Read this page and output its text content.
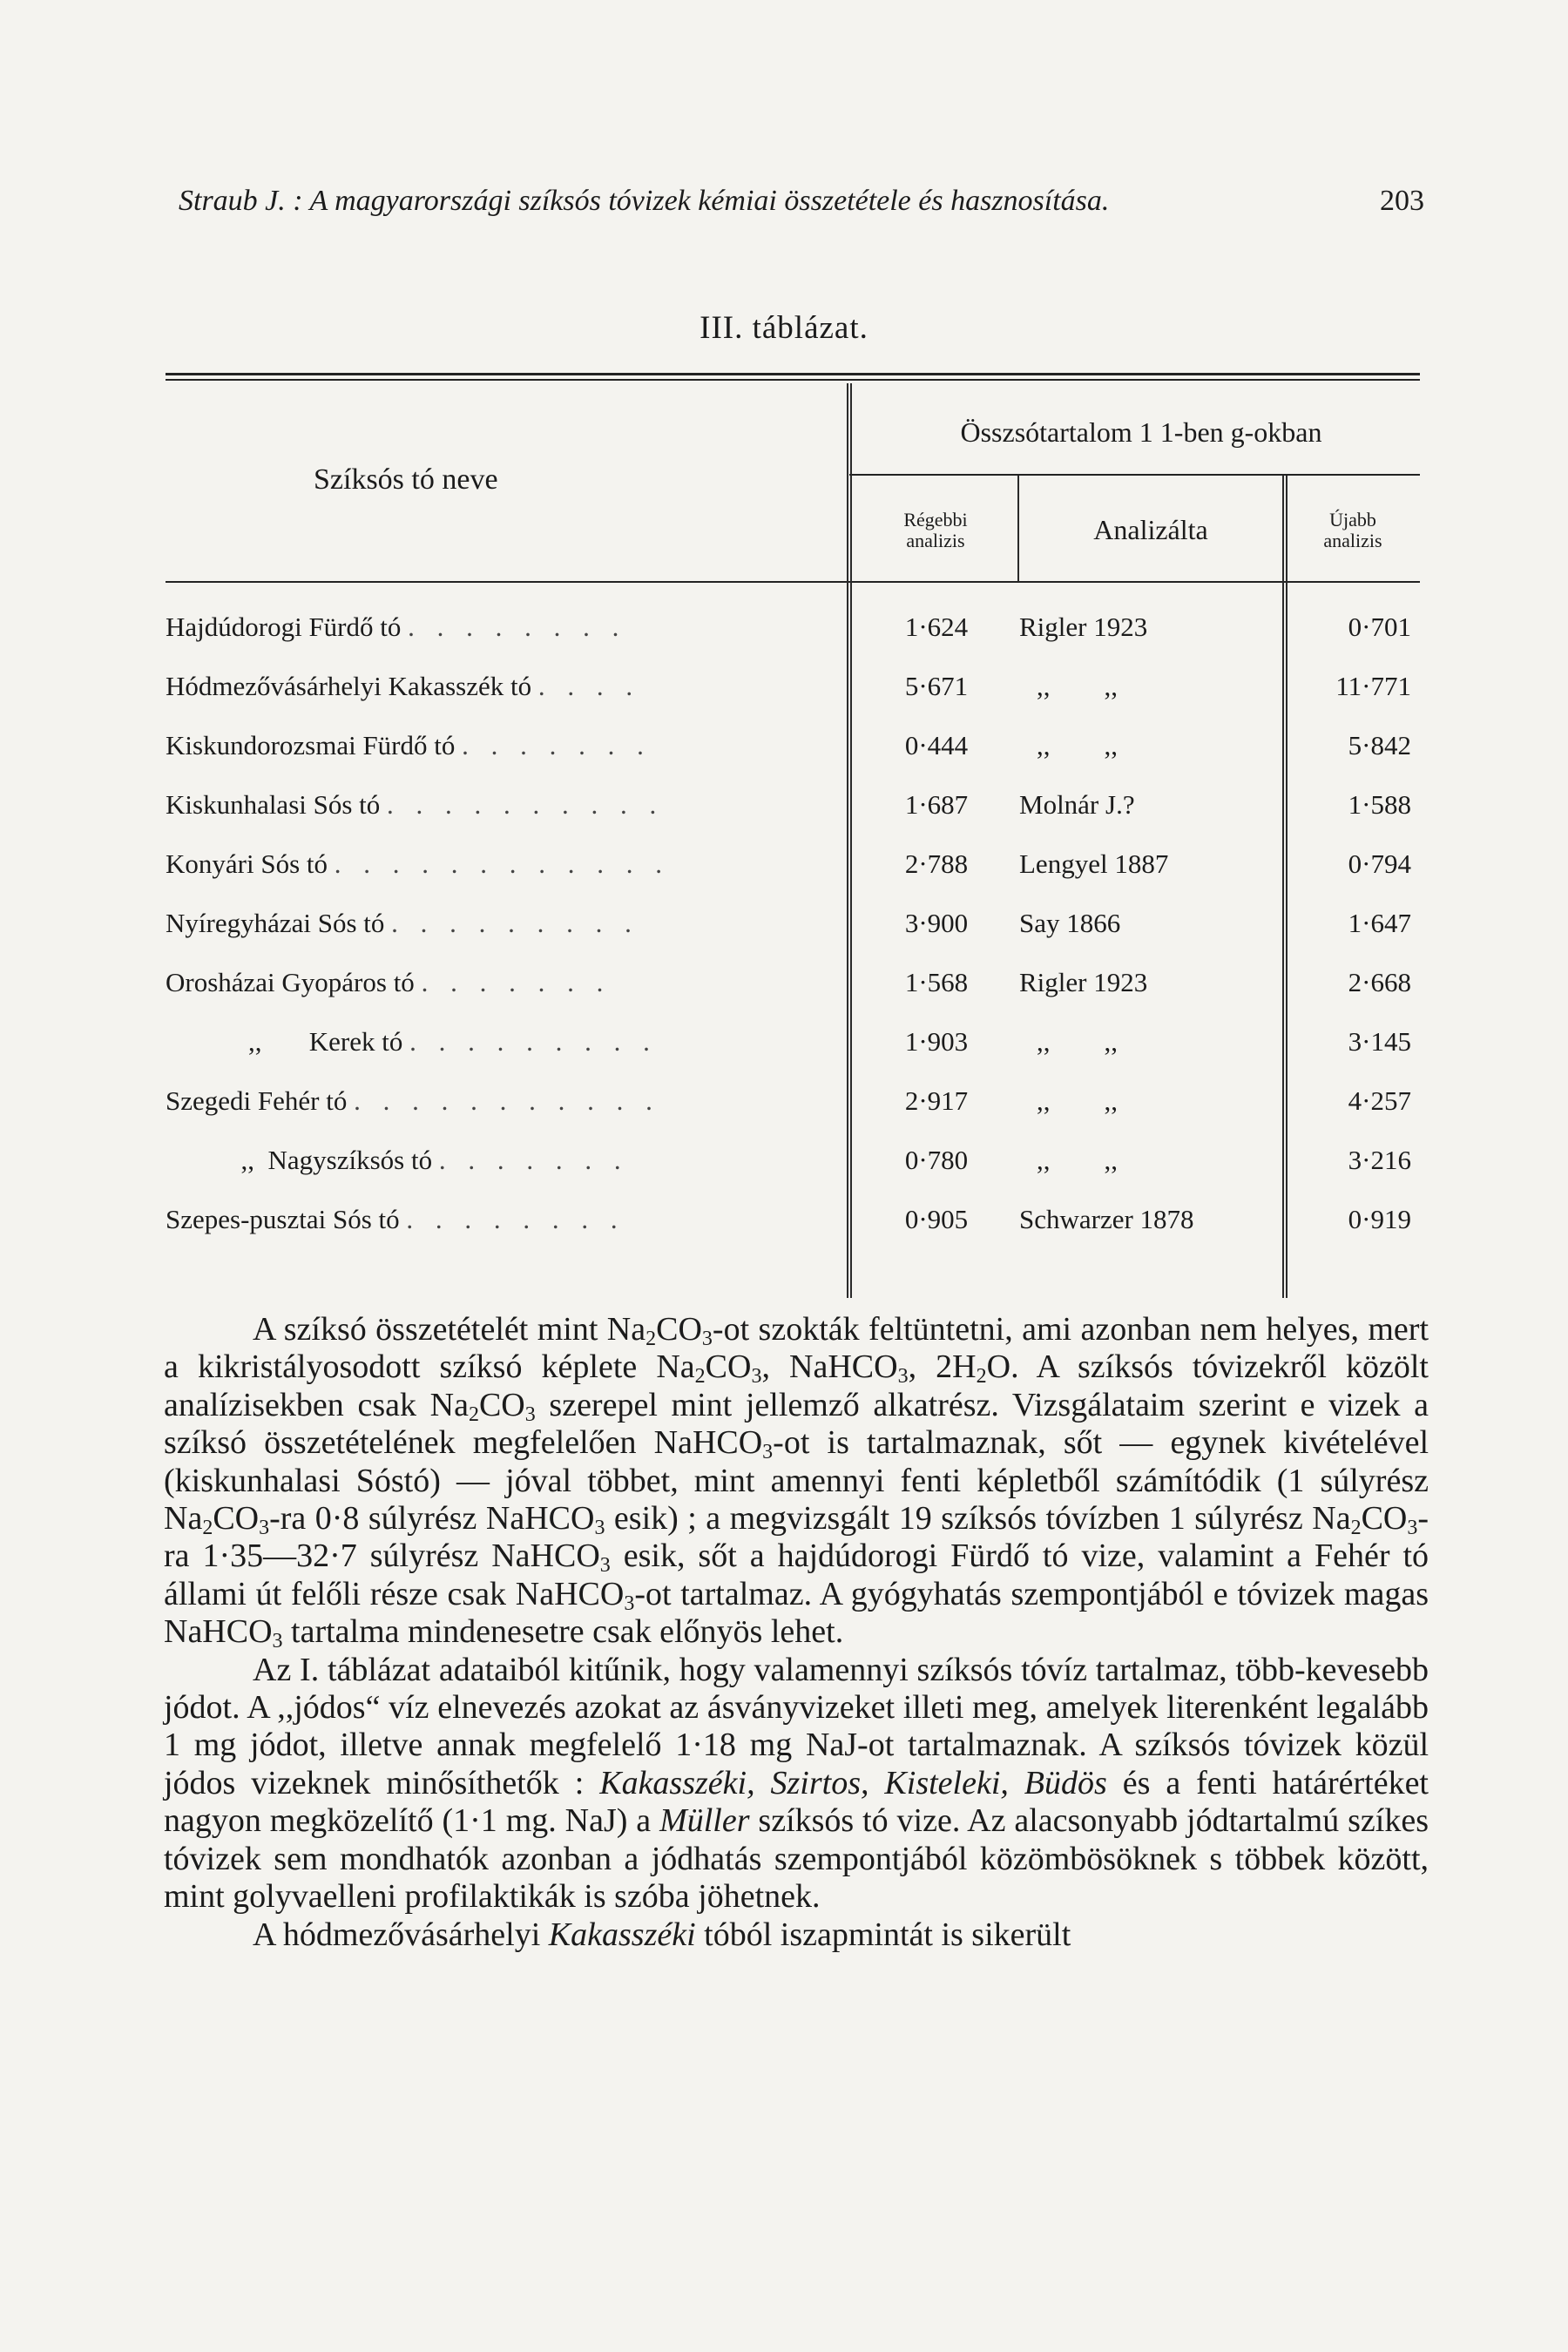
Straub J. : A magyarországi szíksós tóvizek kémiai összetétele és hasznosítása.	203
III. táblázat.
Szíksós tó neve
Összsótartalom 1 1-ben g-okban
Régebbi
analizis	Analizálta	Újabb
analizis
Hajdúdorogi Fürdő tó . . . . . . . .	1·624	Rigler 1923	0·701
Hódmezővásárhelyi Kakasszék tó . . . .	5·671	,,        ,,	11·771
Kiskundorozsmai Fürdő tó . . . . . . .	0·444	,,        ,,	5·842
Kiskunhalasi Sós tó . . . . . . . . . .	1·687	Molnár J.?	1·588
Konyári Sós tó . . . . . . . . . . . .	2·788	Lengyel 1887	0·794
Nyíregyházai Sós tó . . . . . . . . .	3·900	Say 1866	1·647
Orosházai Gyopáros tó . . . . . . .	1·568	Rigler 1923	2·668
,,       Kerek tó . . . . . . . . .	1·903	,,        ,,	3·145
Szegedi Fehér tó . . . . . . . . . . .	2·917	,,        ,,	4·257
,,  Nagyszíksós tó . . . . . . .	0·780	,,        ,,	3·216
Szepes-pusztai Sós tó . . . . . . . .	0·905	Schwarzer 1878	0·919

A szíksó összetételét mint $Na_2CO_3-ot$ szokták feltüntetni, ami azonban nem helyes, mert a kikristályosodott szíksó képlete $Na_2CO_3$, NaHCO$_3$, $2H_2O$. A szíksós tóvizekről közölt analízisekben csak $Na_2CO_3$ szerepel mint jellemző alkatrész. Vizsgálataim szerint e vizek a szíksó összetételének megfelelően NaHCO$_3$-ot is tartalmaznak, sőt — egynek kivételével (kiskunhalasi Sóstó) — jóval többet, mint amennyi fenti képletből számítódik (1 súlyrész $Na_2CO_3-ra$ 0·8 súlyrész NaHCO$_3$ esik) ; a megvizsgált 19 szíksós tóvízben 1 súlyrész $Na_2CO_3-ra$ 1·35—32·7 súlyrész NaHCO$_3$ esik, sőt a hajdúdorogi Fürdő tó vize, valamint a Fehér tó állami út felőli része csak NaHCO$_3$-ot tartalmaz. A gyógyhatás szempontjából e tóvizek magas NaHCO$_3$ tartalma mindenesetre csak előnyös lehet.

Az I. táblázat adataiból kitűnik, hogy valamennyi szíksós tóvíz tartalmaz, több-kevesebb jódot. A ,,jódos“ víz elnevezés azokat az ásványvizeket illeti meg, amelyek literenként legalább 1 mg jódot, illetve annak megfelelő 1·18 mg NaJ-ot tartalmaznak. A szíksós tóvizek közül jódos vizeknek minősíthetők : Kakasszéki, Szirtos, Kisteleki, Büdös és a fenti határértéket nagyon megközelítő (1·1 mg. NaJ) a Müller szíksós tó vize. Az alacsonyabb jódtartalmú szíkes tóvizek sem mondhatók azonban a jódhatás szempontjából közömbösöknek s többek között, mint golyvaelleni profilaktikák is szóba jöhetnek.

A hódmezővásárhelyi Kakasszéki tóból iszapmintát is sikerült
